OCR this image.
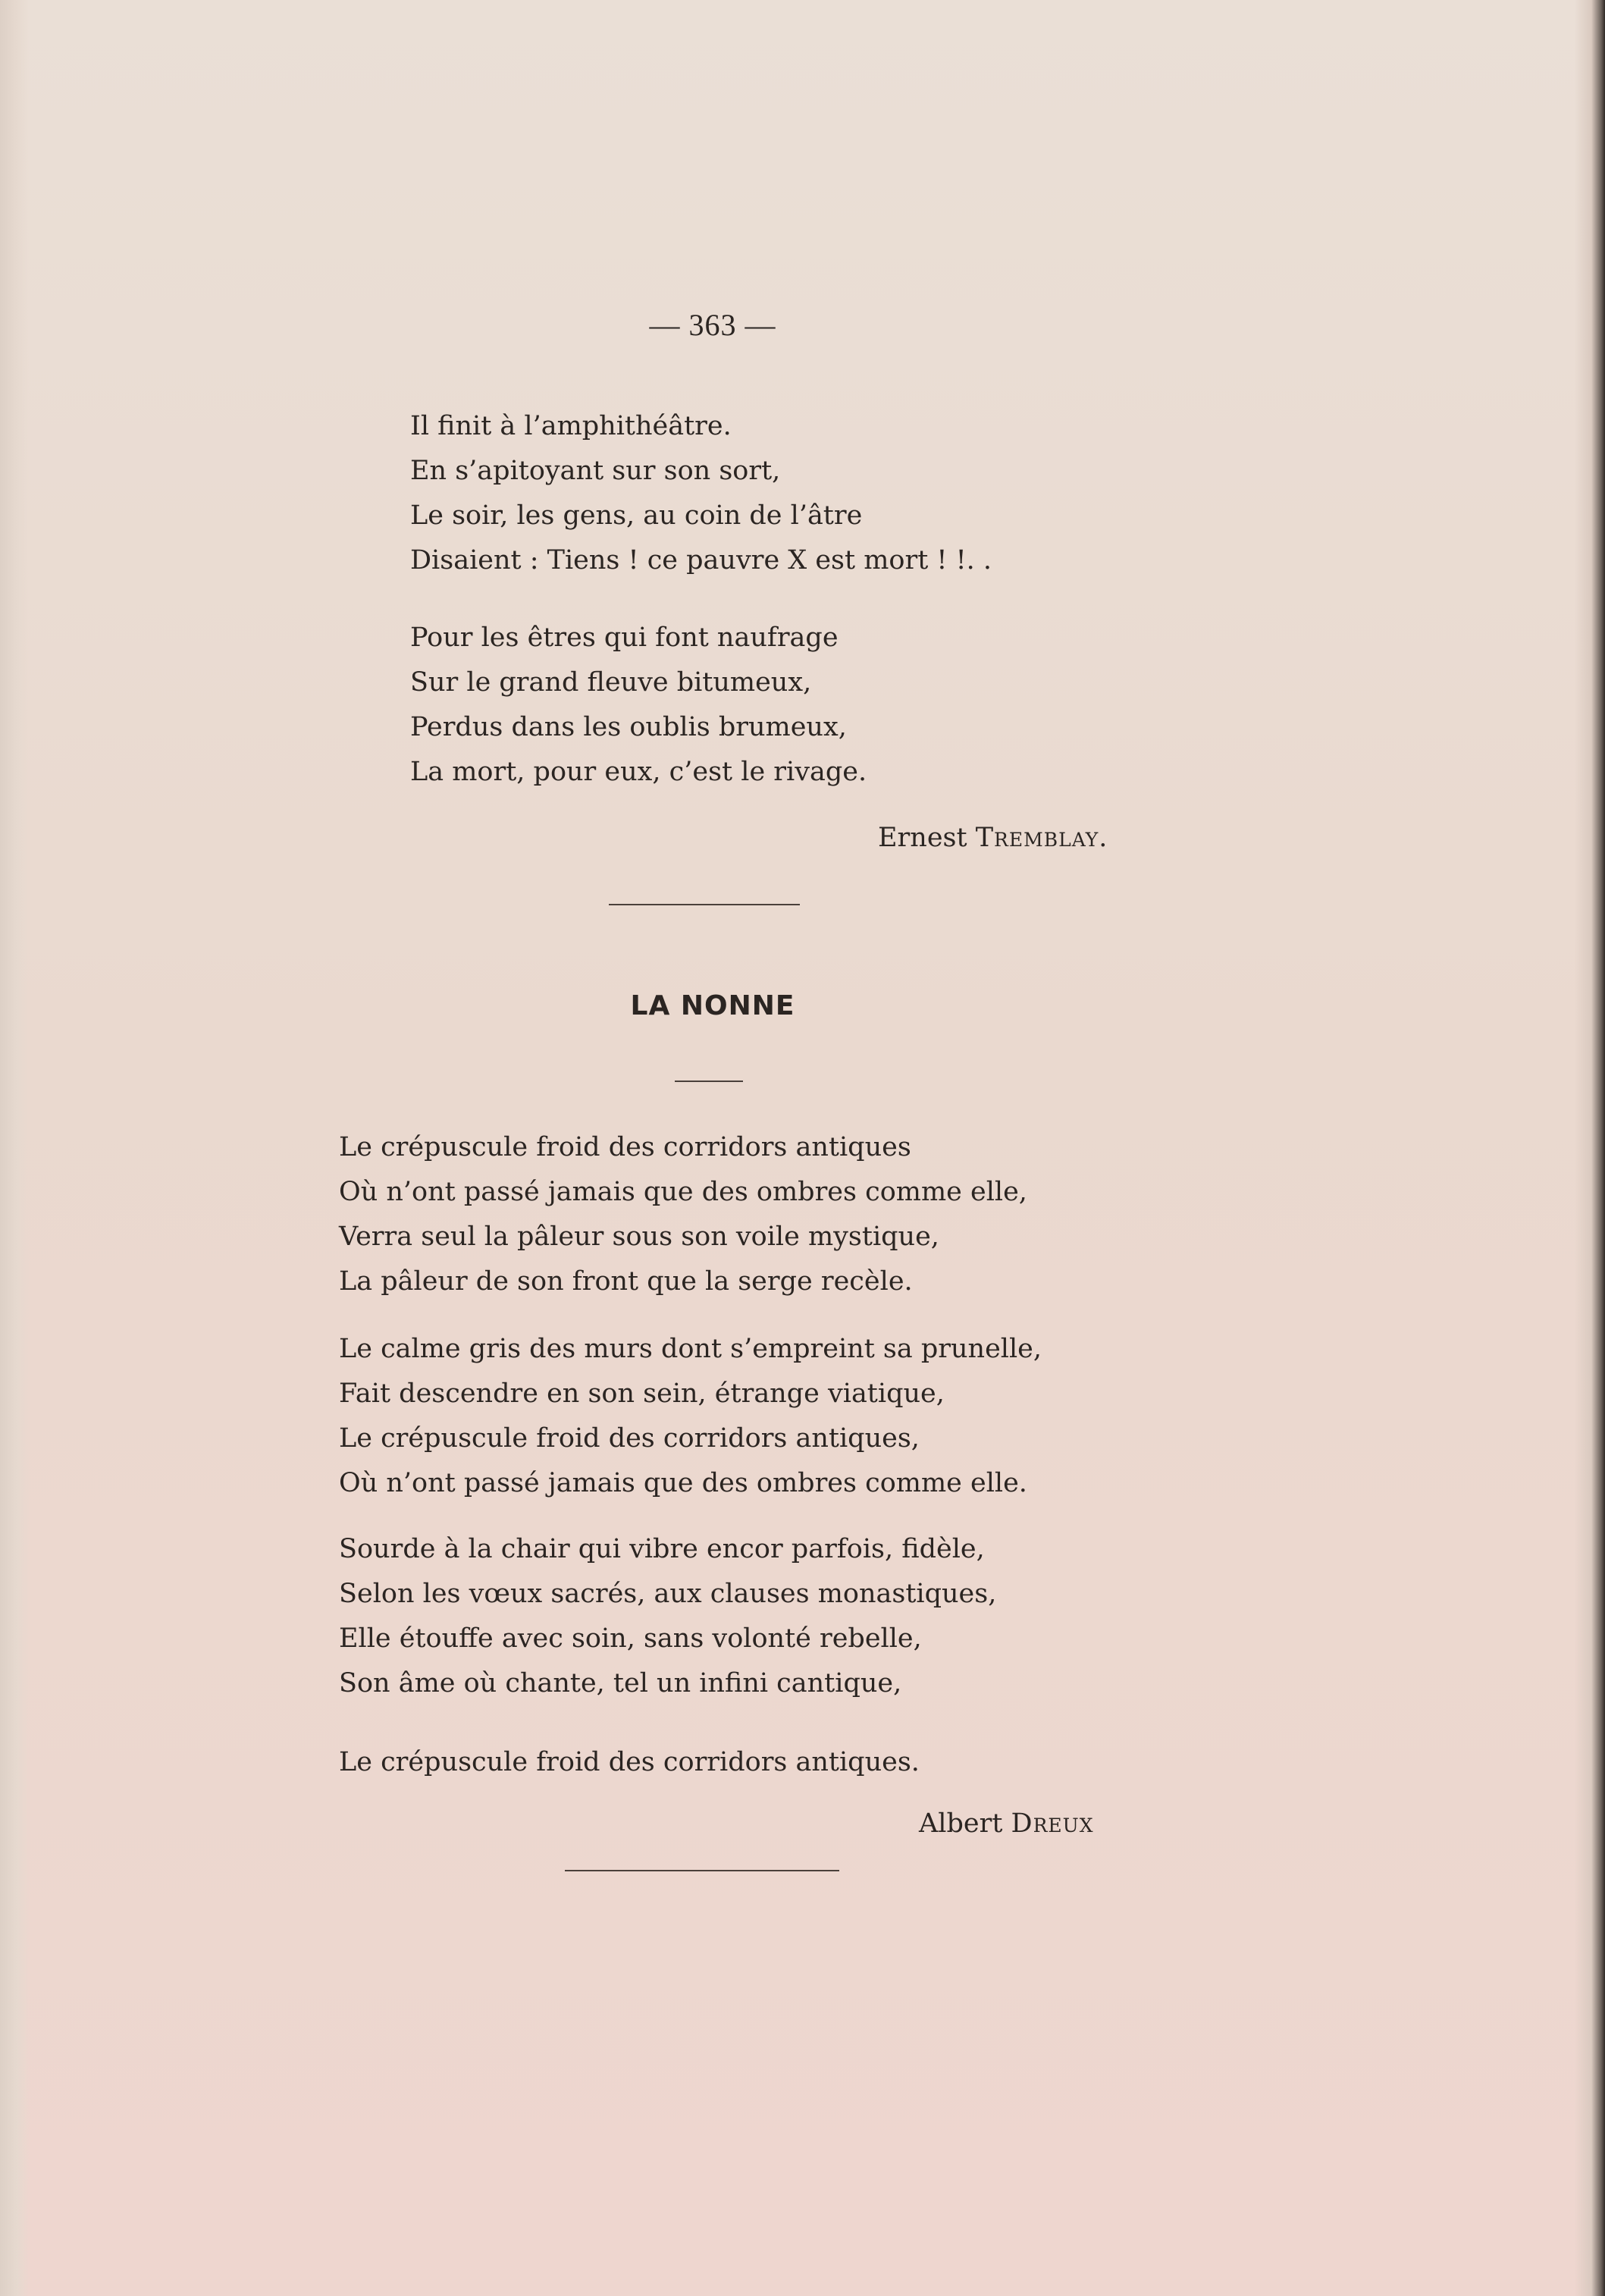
— 363 —
Il finit à l’amphithéâtre.
En s’apitoyant sur son sort,
Le soir, les gens, au coin de l’âtre
Disaient : Tiens ! ce pauvre X est mort ! !. .
Pour les êtres qui font naufrage
Sur le grand fleuve bitumeux,
Perdus dans les oublis brumeux,
La mort, pour eux, c’est le rivage.
Ernest Tremblay.
LA NONNE
Le crépuscule froid des corridors antiques
Où n’ont passé jamais que des ombres comme elle,
Verra seul la pâleur sous son voile mystique,
La pâleur de son front que la serge recèle.
Le calme gris des murs dont s’empreint sa prunelle,
Fait descendre en son sein, étrange viatique,
Le crépuscule froid des corridors antiques,
Où n’ont passé jamais que des ombres comme elle.
Sourde à la chair qui vibre encor parfois, fidèle,
Selon les vœux sacrés, aux clauses monastiques,
Elle étouffe avec soin, sans volonté rebelle,
Son âme où chante, tel un infini cantique,
Le crépuscule froid des corridors antiques.
Albert Dreux
